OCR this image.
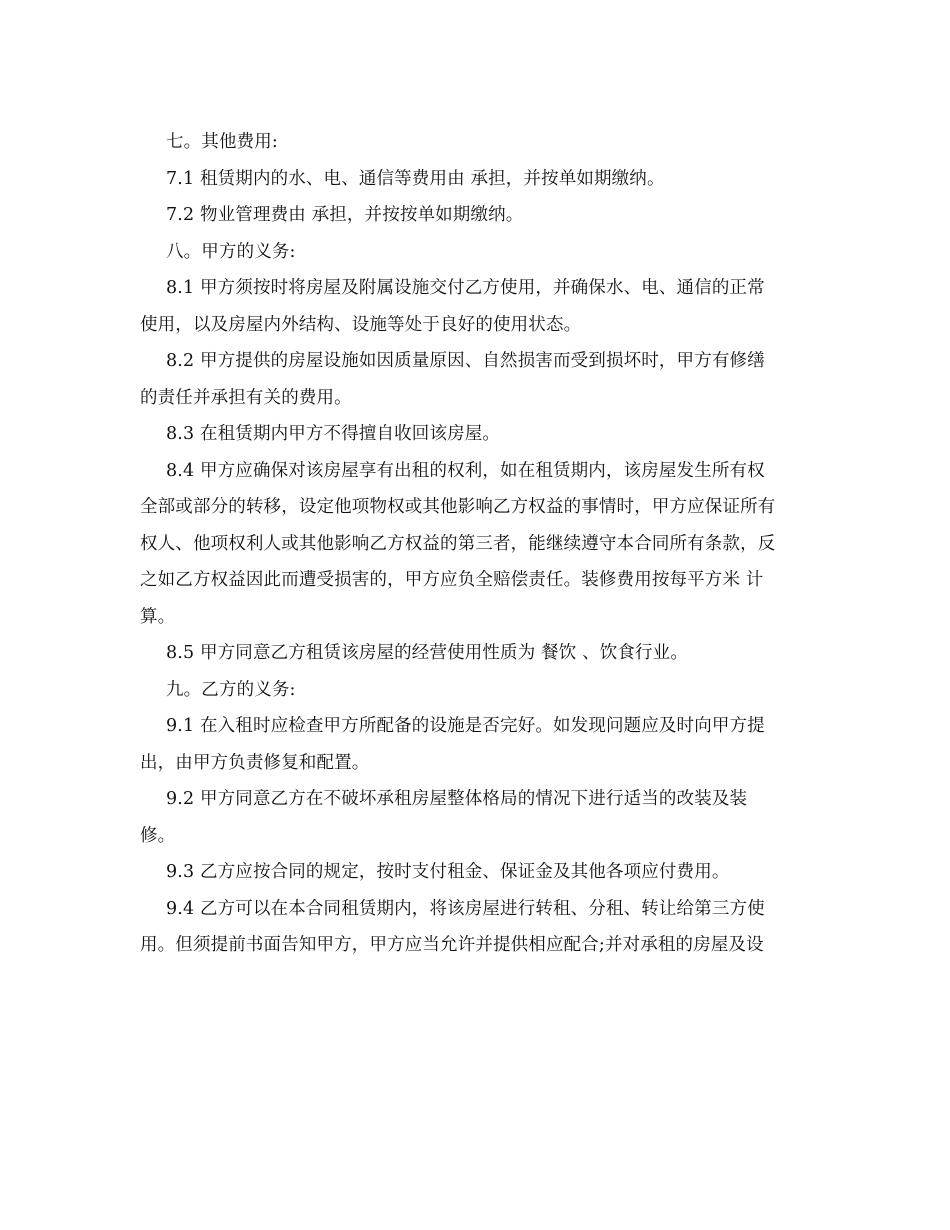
七。其他费用:

7.1 租赁期内的水、电、通信等费用由 承担，并按单如期缴纳。

7.2 物业管理费由 承担，并按按单如期缴纳。

八。甲方的义务:

8.1 甲方须按时将房屋及附属设施交付乙方使用，并确保水、电、通信的正常
使用，以及房屋内外结构、设施等处于良好的使用状态。

8.2 甲方提供的房屋设施如因质量原因、自然损害而受到损坏时，甲方有修缮
的责任并承担有关的费用。

8.3 在租赁期内甲方不得擅自收回该房屋。

8.4 甲方应确保对该房屋享有出租的权利，如在租赁期内，该房屋发生所有权
全部或部分的转移，设定他项物权或其他影响乙方权益的事情时，甲方应保证所有
权人、他项权利人或其他影响乙方权益的第三者，能继续遵守本合同所有条款，反
之如乙方权益因此而遭受损害的，甲方应负全赔偿责任。装修费用按每平方米 计
算。

8.5 甲方同意乙方租赁该房屋的经营使用性质为 餐饮 、饮食行业。

九。乙方的义务:

9.1 在入租时应检查甲方所配备的设施是否完好。如发现问题应及时向甲方提
出，由甲方负责修复和配置。

9.2 甲方同意乙方在不破坏承租房屋整体格局的情况下进行适当的改装及装
修。

9.3 乙方应按合同的规定，按时支付租金、保证金及其他各项应付费用。

9.4 乙方可以在本合同租赁期内，将该房屋进行转租、分租、转让给第三方使
用。但须提前书面告知甲方，甲方应当允许并提供相应配合;并对承租的房屋及设
